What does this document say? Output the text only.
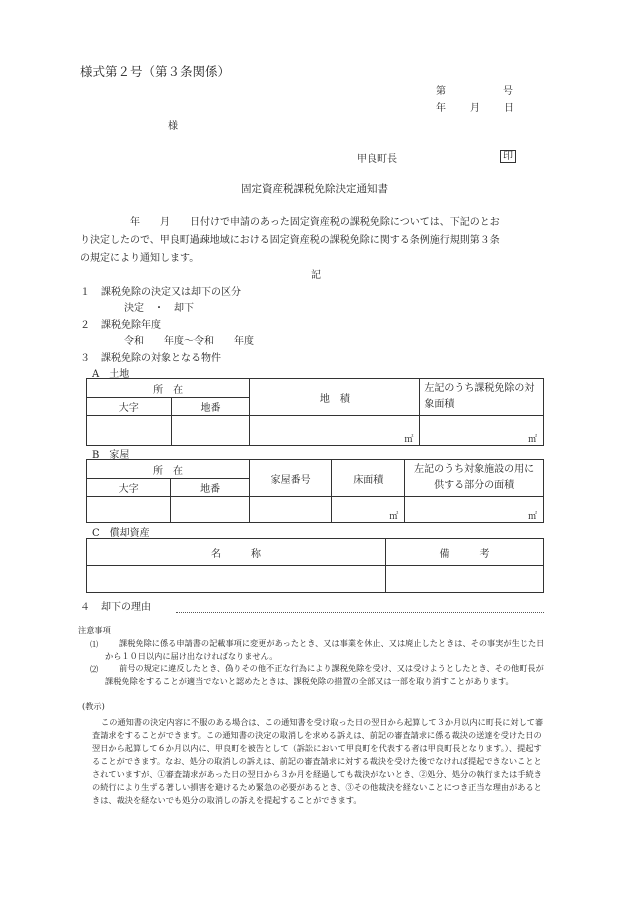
様式第２号（第３条関係）
第	号
年 月 日
様
甲良町長	印
固定資産税課税免除決定通知書
年　　月　　日付けで申請のあった固定資産税の課税免除については、下記のとお
り決定したので、甲良町過疎地域における固定資産税の課税免除に関する条例施行規則第３条
の規定により通知します。
記
１ 課税免除の決定又は却下の区分
決定　・　却下
２ 課税免除年度
令和　　年度～令和　　年度
３ 課税免除の対象となる物件
A　土地
所　在		地　積	左記のうち課税免除の対象面積
大字	地番		

		㎡	㎡
B　家屋
所　在		家屋番号	床面積	左記のうち対象施設の用に供する部分の面積
大字	地番			

			㎡	㎡
C　償却資産
名　　　称	備　　　考

４ 却下の理由
注意事項
⑴	課税免除に係る申請書の記載事項に変更があったとき、又は事業を休止、又は廃止したときは、その事実が生じた日から１０日以内に届け出なければなりません。
⑵	前号の規定に違反したとき、偽りその他不正な行為により課税免除を受け、又は受けようとしたとき、その他町長が課税免除をすることが適当でないと認めたときは、課税免除の措置の全部又は一部を取り消すことがあります。
(教示)
この通知書の決定内容に不服のある場合は、この通知書を受け取った日の翌日から起算して３か月以内に町長に対して審査請求をすることができます。この通知書の決定の取消しを求める訴えは、前記の審査請求に係る裁決の送達を受けた日の翌日から起算して６か月以内に、甲良町を被告として（訴訟において甲良町を代表する者は甲良町長となります。）、提起することができます。なお、処分の取消しの訴えは、前記の審査請求に対する裁決を受けた後でなければ提起できないこととされていますが、①審査請求があった日の翌日から３か月を経過しても裁決がないとき、②処分、処分の執行または手続きの続行により生ずる著しい損害を避けるため緊急の必要があるとき、③その他裁決を経ないことにつき正当な理由があるときは、裁決を経ないでも処分の取消しの訴えを提起することができます。
